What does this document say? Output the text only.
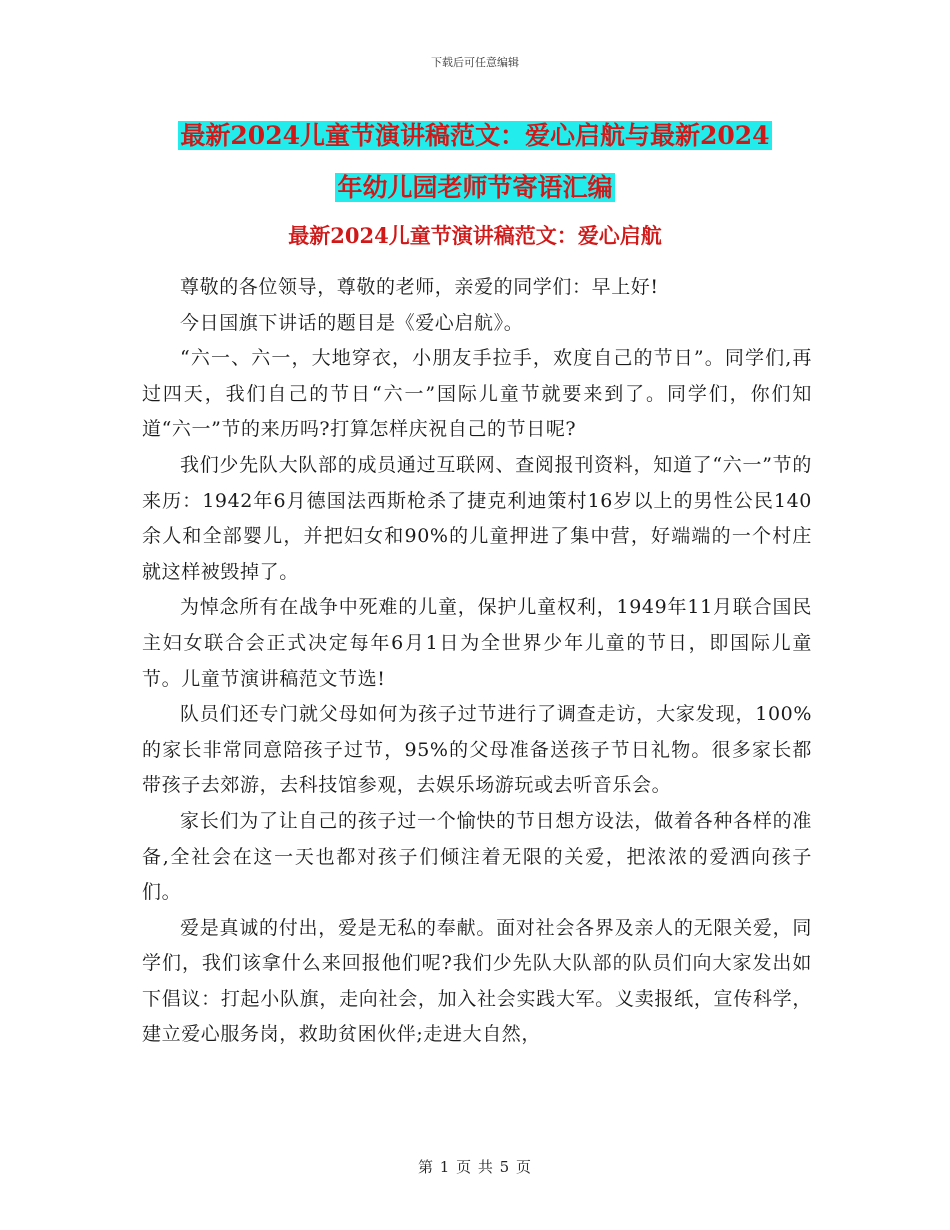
下载后可任意编辑
最新2024儿童节演讲稿范文：爱心启航与最新2024
年幼儿园老师节寄语汇编
最新2024儿童节演讲稿范文：爱心启航

尊敬的各位领导，尊敬的老师，亲爱的同学们：早上好!

今日国旗下讲话的题目是《爱心启航》。

“六一、六一，大地穿衣，小朋友手拉手，欢度自己的节日”。同学们,再过四天，我们自己的节日“六一”国际儿童节就要来到了。同学们，你们知道“六一”节的来历吗?打算怎样庆祝自己的节日呢?

我们少先队大队部的成员通过互联网、查阅报刊资料，知道了“六一”节的来历：1942年6月德国法西斯枪杀了捷克利迪策村16岁以上的男性公民140余人和全部婴儿，并把妇女和90%的儿童押进了集中营，好端端的一个村庄就这样被毁掉了。

为悼念所有在战争中死难的儿童，保护儿童权利，1949年11月联合国民主妇女联合会正式决定每年6月1日为全世界少年儿童的节日，即国际儿童节。儿童节演讲稿范文节选!

队员们还专门就父母如何为孩子过节进行了调查走访，大家发现，100%的家长非常同意陪孩子过节，95%的父母准备送孩子节日礼物。很多家长都带孩子去郊游，去科技馆参观，去娱乐场游玩或去听音乐会。

家长们为了让自己的孩子过一个愉快的节日想方设法，做着各种各样的准备,全社会在这一天也都对孩子们倾注着无限的关爱，把浓浓的爱洒向孩子们。

爱是真诚的付出，爱是无私的奉献。面对社会各界及亲人的无限关爱，同学们，我们该拿什么来回报他们呢?我们少先队大队部的队员们向大家发出如下倡议：打起小队旗，走向社会，加入社会实践大军。义卖报纸，宣传科学，建立爱心服务岗，救助贫困伙伴;走进大自然，

第 1 页 共 5 页
